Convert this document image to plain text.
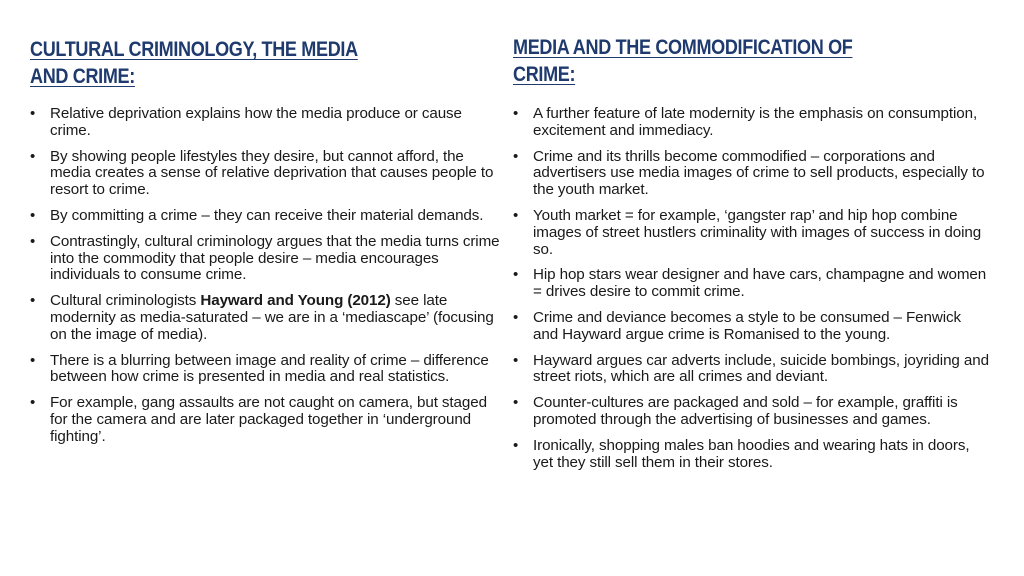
CULTURAL CRIMINOLOGY, THE MEDIA
AND CRIME:
• Relative deprivation explains how the media produce or cause crime.
• By showing people lifestyles they desire, but cannot afford, the media creates a sense of relative deprivation that causes people to resort to crime.
• By committing a crime – they can receive their material demands.
• Contrastingly, cultural criminology argues that the media turns crime into the commodity that people desire – media encourages individuals to consume crime.
• Cultural criminologists Hayward and Young (2012) see late modernity as media-saturated – we are in a ‘mediascape’ (focusing on the image of media).
• There is a blurring between image and reality of crime – difference between how crime is presented in media and real statistics.
• For example, gang assaults are not caught on camera, but staged for the camera and are later packaged together in ‘underground fighting’.
MEDIA AND THE COMMODIFICATION OF
CRIME:
• A further feature of late modernity is the emphasis on consumption, excitement and immediacy.
• Crime and its thrills become commodified – corporations and advertisers use media images of crime to sell products, especially to the youth market.
• Youth market = for example, ‘gangster rap’ and hip hop combine images of street hustlers criminality with images of success in doing so.
• Hip hop stars wear designer and have cars, champagne and women = drives desire to commit crime.
• Crime and deviance becomes a style to be consumed – Fenwick and Hayward argue crime is Romanised to the young.
• Hayward argues car adverts include, suicide bombings, joyriding and street riots, which are all crimes and deviant.
• Counter-cultures are packaged and sold – for example, graffiti is promoted through the advertising of businesses and games.
• Ironically, shopping males ban hoodies and wearing hats in doors, yet they still sell them in their stores.
